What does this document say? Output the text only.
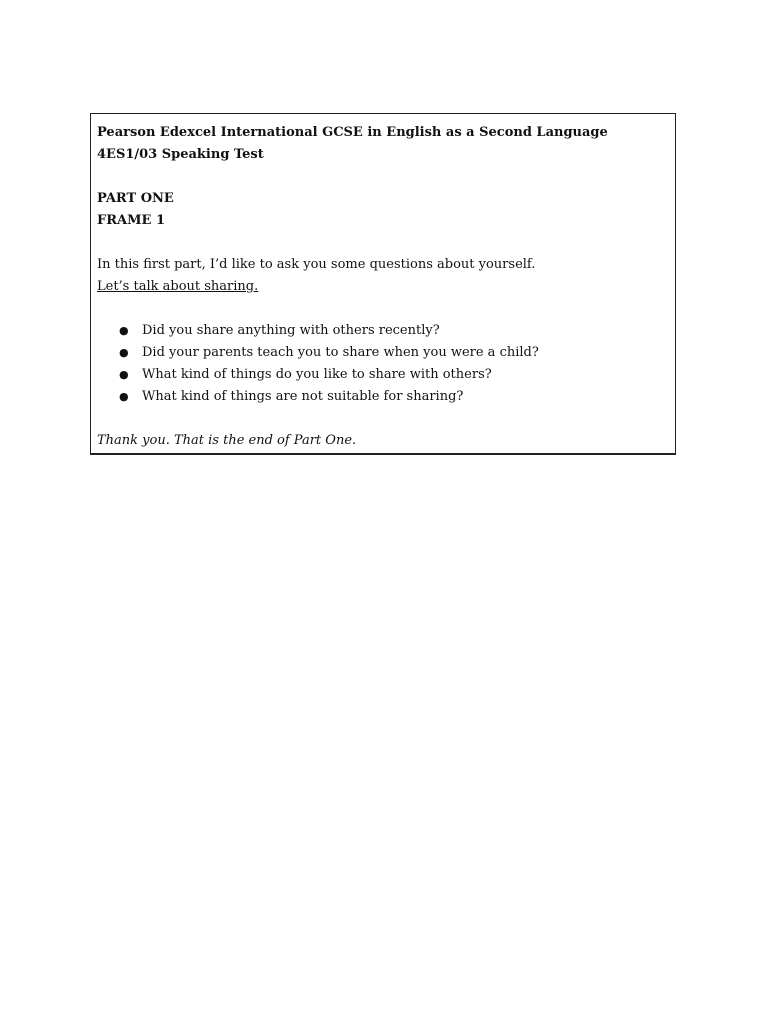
Pearson Edexcel International GCSE in English as a Second Language 4ES1/03 Speaking Test

PART ONE

FRAME 1

In this first part, I’d like to ask you some questions about yourself.

Let’s talk about sharing.

● Did you share anything with others recently?
● Did your parents teach you to share when you were a child?
● What kind of things do you like to share with others?
● What kind of things are not suitable for sharing?

Thank you. That is the end of Part One.
